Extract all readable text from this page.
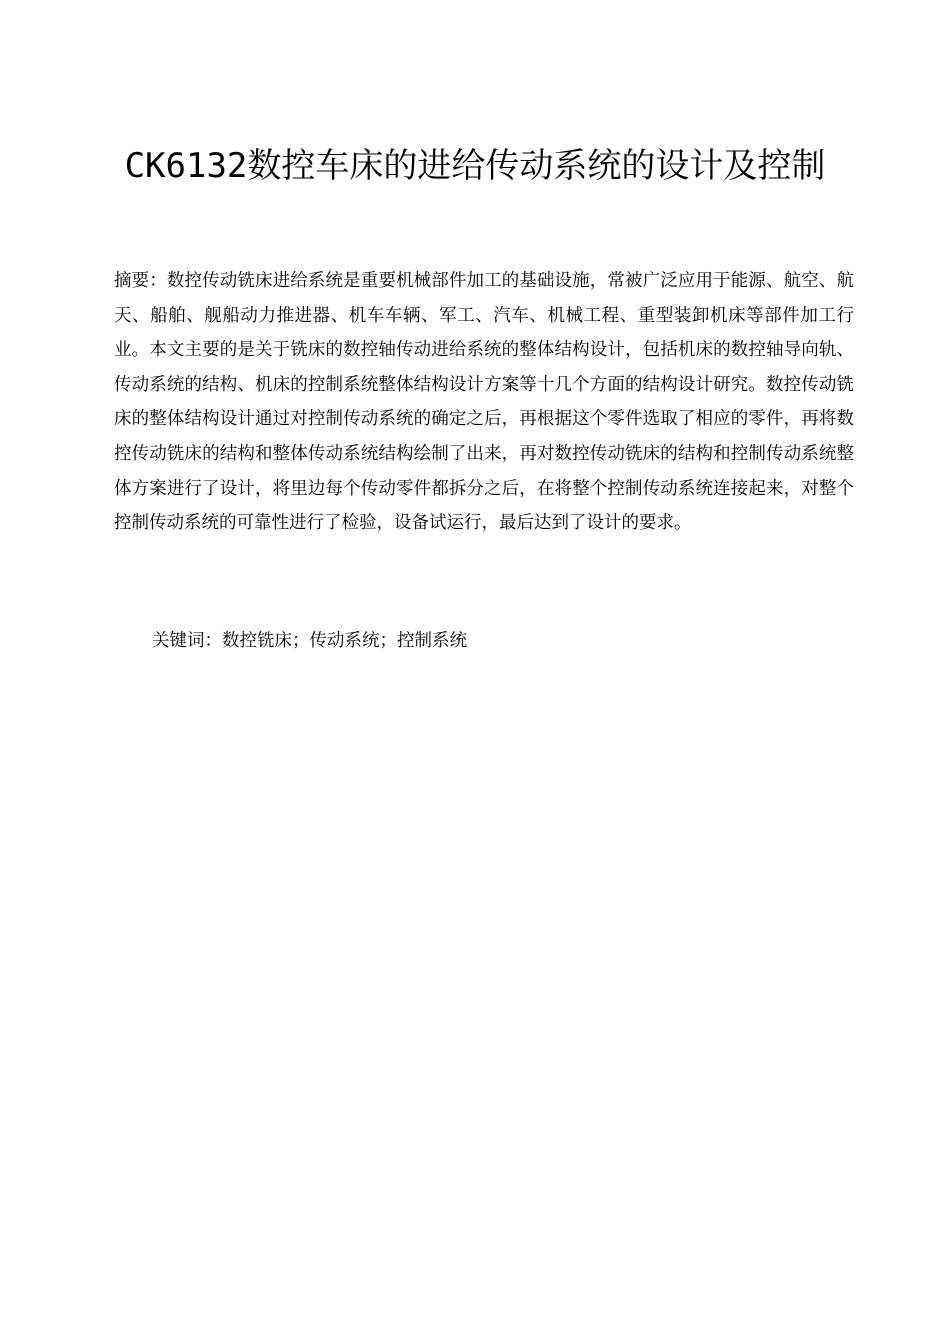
CK6132数控车床的进给传动系统的设计及控制

摘要：数控传动铣床进给系统是重要机械部件加工的基础设施，常被广泛应用于能源、航空、航天、船舶、舰船动力推进器、机车车辆、军工、汽车、机械工程、重型装卸机床等部件加工行业。本文主要的是关于铣床的数控轴传动进给系统的整体结构设计，包括机床的数控轴导向轨、传动系统的结构、机床的控制系统整体结构设计方案等十几个方面的结构设计研究。数控传动铣床的整体结构设计通过对控制传动系统的确定之后，再根据这个零件选取了相应的零件，再将数控传动铣床的结构和整体传动系统结构绘制了出来，再对数控传动铣床的结构和控制传动系统整体方案进行了设计，将里边每个传动零件都拆分之后，在将整个控制传动系统连接起来，对整个控制传动系统的可靠性进行了检验，设备试运行，最后达到了设计的要求。

关键词：数控铣床；传动系统；控制系统
